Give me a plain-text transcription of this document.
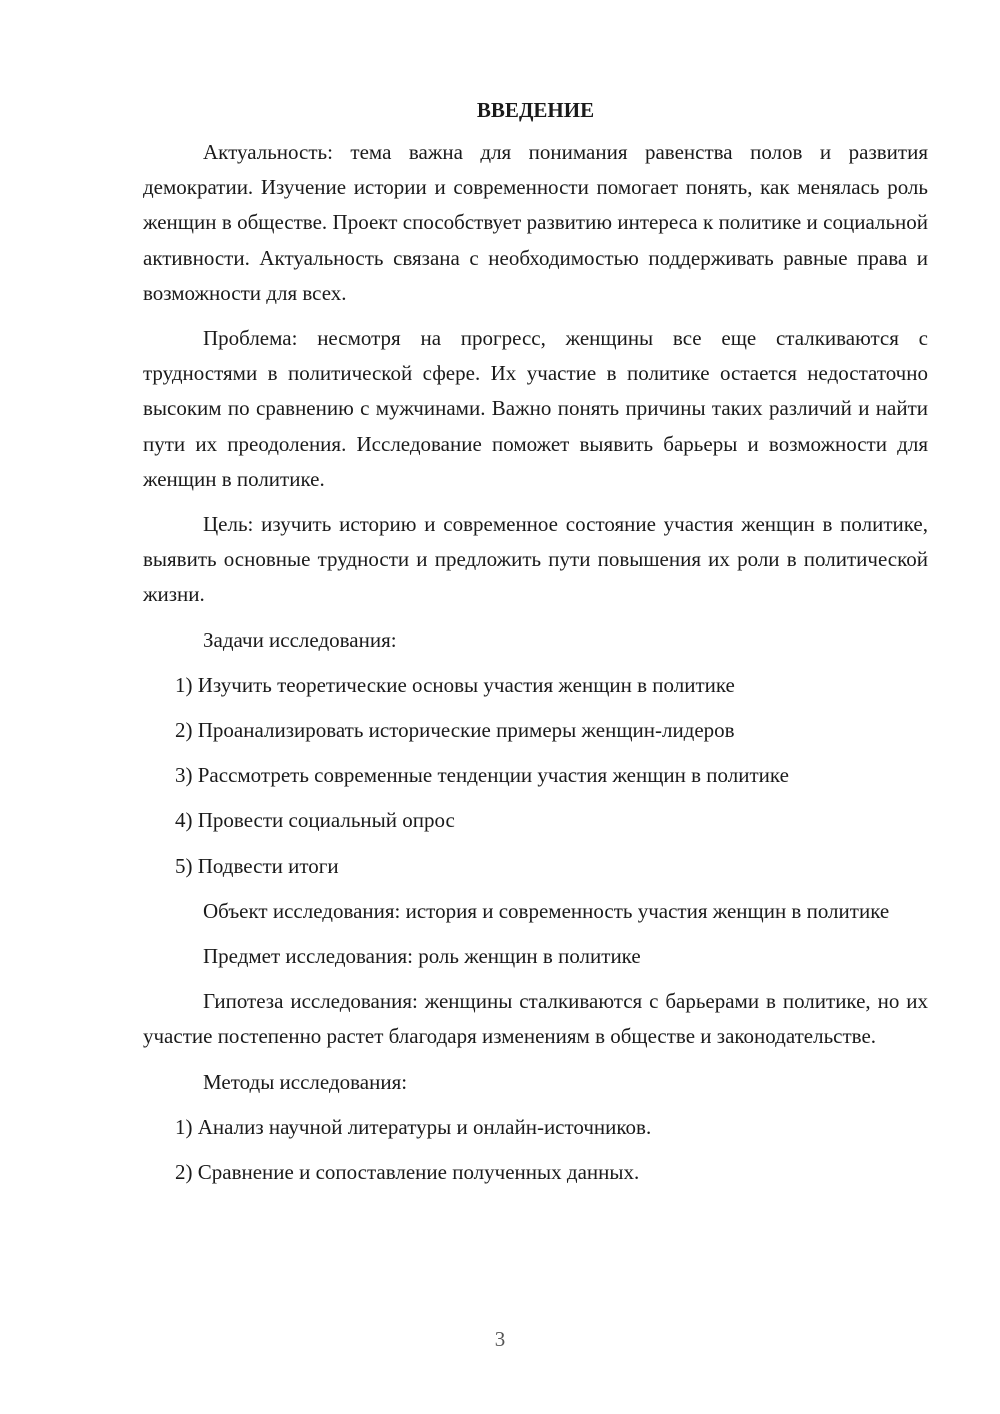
ВВЕДЕНИЕ
Актуальность: тема важна для понимания равенства полов и развития демократии. Изучение истории и современности помогает понять, как менялась роль женщин в обществе. Проект способствует развитию интереса к политике и социальной активности. Актуальность связана с необходимостью поддерживать равные права и возможности для всех.
Проблема: несмотря на прогресс, женщины все еще сталкиваются с трудностями в политической сфере. Их участие в политике остается недостаточно высоким по сравнению с мужчинами. Важно понять причины таких различий и найти пути их преодоления. Исследование поможет выявить барьеры и возможности для женщин в политике.
Цель: изучить историю и современное состояние участия женщин в политике, выявить основные трудности и предложить пути повышения их роли в политической жизни.
Задачи исследования:
1) Изучить теоретические основы участия женщин в политике
2) Проанализировать исторические примеры женщин-лидеров
3) Рассмотреть современные тенденции участия женщин в политике
4) Провести социальный опрос
5) Подвести итоги
Объект исследования: история и современность участия женщин в политике
Предмет исследования: роль женщин в политике
Гипотеза исследования: женщины сталкиваются с барьерами в политике, но их участие постепенно растет благодаря изменениям в обществе и законодательстве.
Методы исследования:
1) Анализ научной литературы и онлайн-источников.
2) Сравнение и сопоставление полученных данных.
3
